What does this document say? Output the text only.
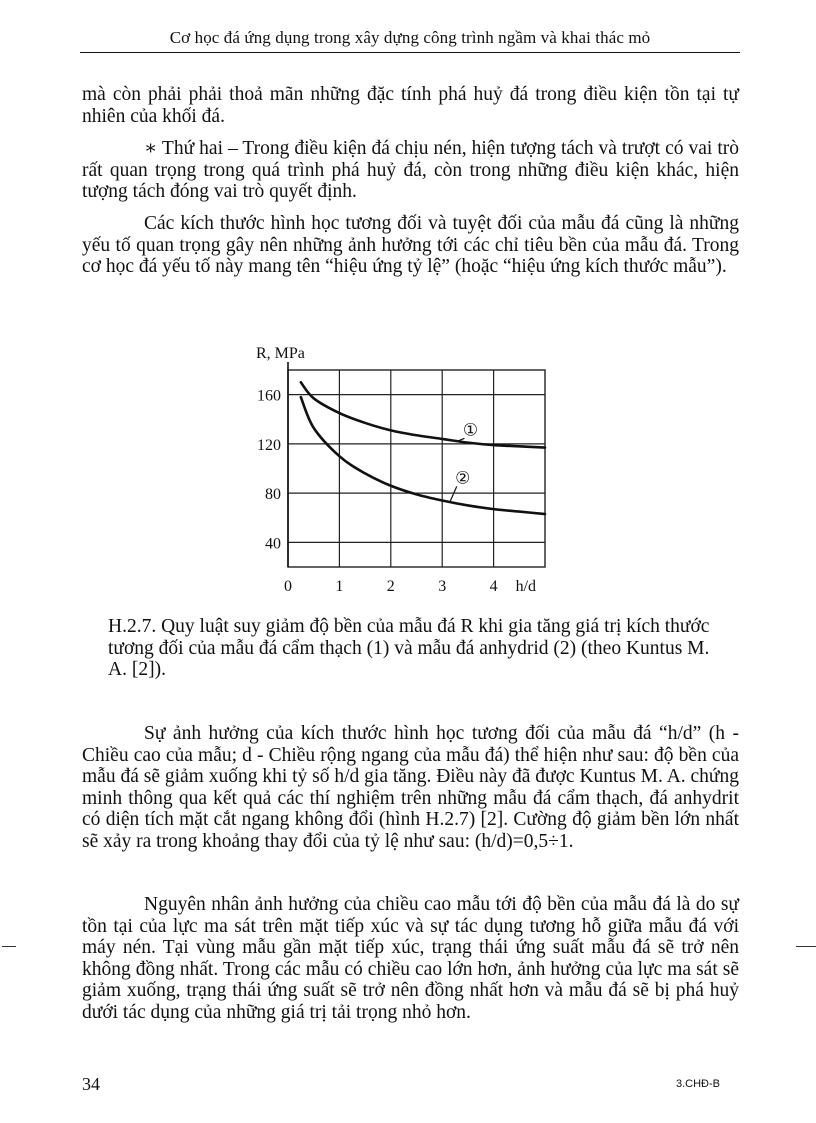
Cơ học đá ứng dụng trong xây dựng công trình ngầm và khai thác mỏ

mà còn phải phải thoả mãn những đặc tính phá huỷ đá trong điều kiện tồn tại tự nhiên của khối đá.

∗ Thứ hai – Trong điều kiện đá chịu nén, hiện tượng tách và trượt có vai trò rất quan trọng trong quá trình phá huỷ đá, còn trong những điều kiện khác, hiện tượng tách đóng vai trò quyết định.

Các kích thước hình học tương đối và tuyệt đối của mẫu đá cũng là những yếu tố quan trọng gây nên những ảnh hưởng tới các chỉ tiêu bền của mẫu đá. Trong cơ học đá yếu tố này mang tên “hiệu ứng tỷ lệ” (hoặc “hiệu ứng kích thước mẫu”).

40
80
120
160
0	1	2	3	4 h/d
R, MPa
①
②

H.2.7. Quy luật suy giảm độ bền của mẫu đá R khi gia tăng giá trị kích thước tương đối của mẫu đá cẩm thạch (1) và mẫu đá anhydrid (2) (theo Kuntus M. A. [2]).

Sự ảnh hưởng của kích thước hình học tương đối của mẫu đá “h/d” (h - Chiều cao của mẫu; d - Chiều rộng ngang của mẫu đá) thể hiện như sau: độ bền của mẫu đá sẽ giảm xuống khi tỷ số h/d gia tăng. Điều này đã được Kuntus M. A. chứng minh thông qua kết quả các thí nghiệm trên những mẫu đá cẩm thạch, đá anhydrit có diện tích mặt cắt ngang không đổi (hình H.2.7) [2]. Cường độ giảm bền lớn nhất sẽ xảy ra trong khoảng thay đổi của tỷ lệ như sau: (h/d)=0,5÷1.

Nguyên nhân ảnh hưởng của chiều cao mẫu tới độ bền của mẫu đá là do sự tồn tại của lực ma sát trên mặt tiếp xúc và sự tác dụng tương hỗ giữa mẫu đá với máy nén. Tại vùng mẫu gần mặt tiếp xúc, trạng thái ứng suất mẫu đá sẽ trở nên không đồng nhất. Trong các mẫu có chiều cao lớn hơn, ảnh hưởng của lực ma sát sẽ giảm xuống, trạng thái ứng suất sẽ trở nên đồng nhất hơn và mẫu đá sẽ bị phá huỷ dưới tác dụng của những giá trị tải trọng nhỏ hơn.

34	3.CHĐ-B
